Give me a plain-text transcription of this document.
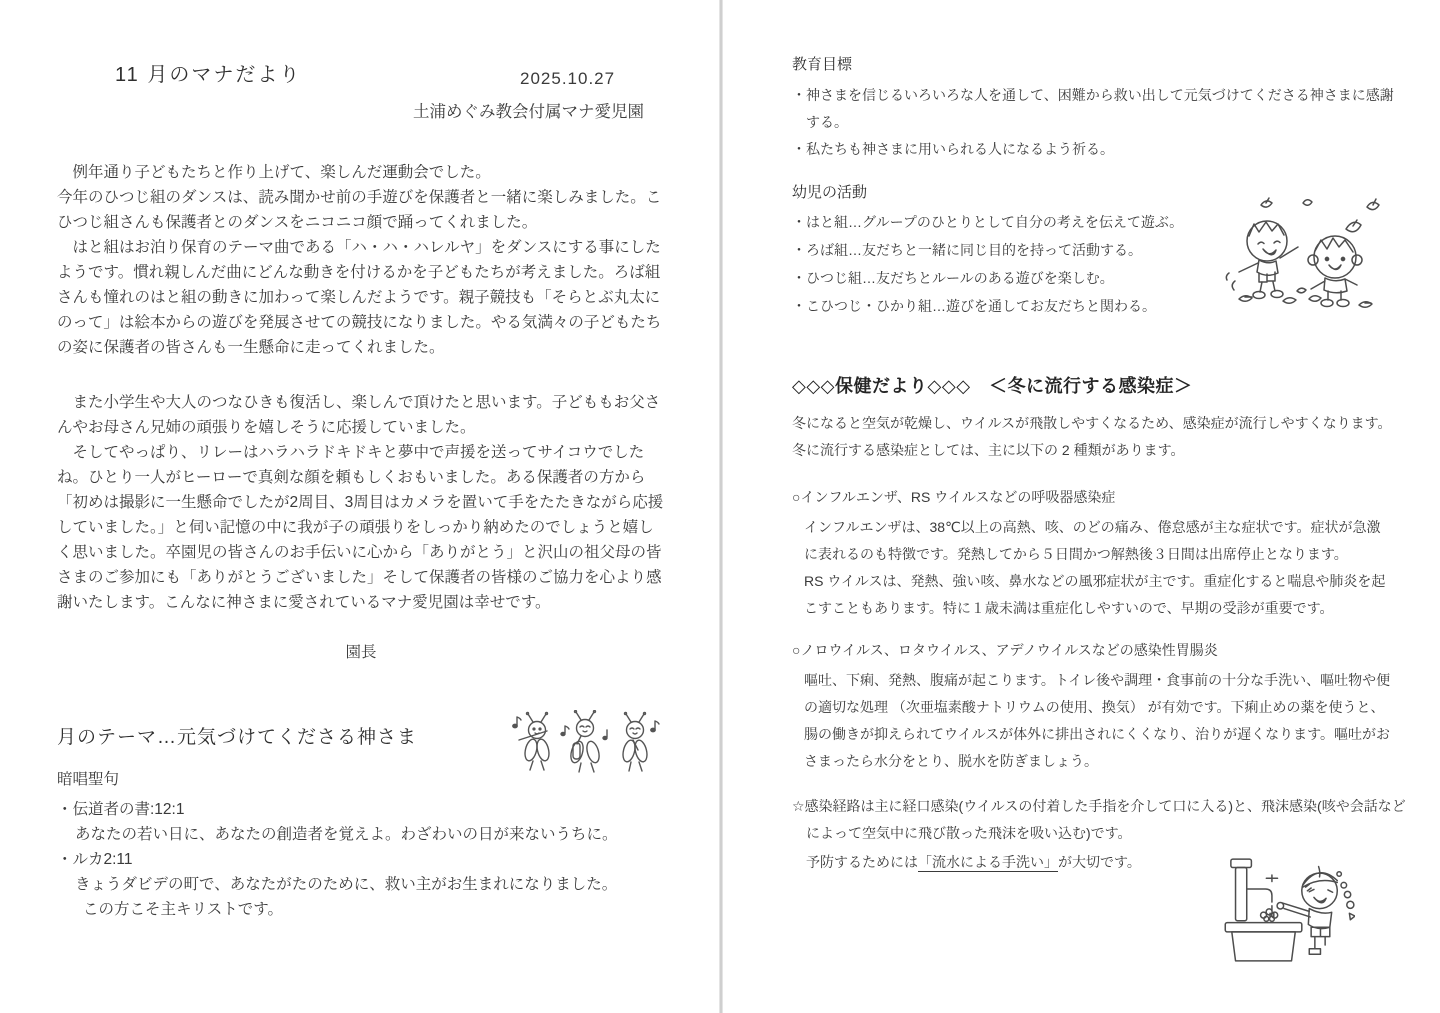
11 月のマナだより	2025.10.27
土浦めぐみ教会付属マナ愛児園

　例年通り子どもたちと作り上げて、楽しんだ運動会でした。

今年のひつじ組のダンスは、読み聞かせ前の手遊びを保護者と一緒に楽しみました。こひつじ組さんも保護者とのダンスをニコニコ顔で踊ってくれました。

　はと組はお泊り保育のテーマ曲である「ハ・ハ・ハレルヤ」をダンスにする事にしたようです。慣れ親しんだ曲にどんな動きを付けるかを子どもたちが考えました。ろば組さんも憧れのはと組の動きに加わって楽しんだようです。親子競技も「そらとぶ丸太にのって」は絵本からの遊びを発展させての競技になりました。やる気満々の子どもたちの姿に保護者の皆さんも一生懸命に走ってくれました。

　また小学生や大人のつなひきも復活し、楽しんで頂けたと思います。子どももお父さんやお母さん兄姉の頑張りを嬉しそうに応援していました。

　そしてやっぱり、リレーはハラハラドキドキと夢中で声援を送ってサイコウでしたね。ひとり一人がヒーローで真剣な顔を頼もしくおもいました。ある保護者の方から「初めは撮影に一生懸命でしたが2周目、3周目はカメラを置いて手をたたきながら応援していました。」と伺い記憶の中に我が子の頑張りをしっかり納めたのでしょうと嬉しく思いました。卒園児の皆さんのお手伝いに心から「ありがとう」と沢山の祖父母の皆さまのご参加にも「ありがとうございました」そして保護者の皆様のご協力を心より感謝いたします。こんなに神さまに愛されているマナ愛児園は幸せです。

園長
月のテーマ…元気づけてくださる神さま
暗唱聖句

・伝道者の書:12:1

あなたの若い日に、あなたの創造者を覚えよ。わざわいの日が来ないうちに。

・ルカ2:11

きょうダビデの町で、あなたがたのために、救い主がお生まれになりました。

この方こそ主キリストです。

教育目標

・神さまを信じるいろいろな人を通して、困難から救い出して元気づけてくださる神さまに感謝する。

・私たちも神さまに用いられる人になるよう祈る。

幼児の活動

・はと組…グループのひとりとして自分の考えを伝えて遊ぶ。

・ろば組…友だちと一緒に同じ目的を持って活動する。

・ひつじ組…友だちとルールのある遊びを楽しむ。

・こひつじ・ひかり組…遊びを通してお友だちと関わる。

◇◇◇保健だより◇◇◇　＜冬に流行する感染症＞

冬になると空気が乾燥し、ウイルスが飛散しやすくなるため、感染症が流行しやすくなります。冬に流行する感染症としては、主に以下の 2 種類があります。

○インフルエンザ、RS ウイルスなどの呼吸器感染症

インフルエンザは、38℃以上の高熱、咳、のどの痛み、倦怠感が主な症状です。症状が急激に表れるのも特徴です。発熱してから５日間かつ解熱後３日間は出席停止となります。

RS ウイルスは、発熱、強い咳、鼻水などの風邪症状が主です。重症化すると喘息や肺炎を起こすこともあります。特に１歳未満は重症化しやすいので、早期の受診が重要です。

○ノロウイルス、ロタウイルス、アデノウイルスなどの感染性胃腸炎

嘔吐、下痢、発熱、腹痛が起こります。トイレ後や調理・食事前の十分な手洗い、嘔吐物や便の適切な処理 （次亜塩素酸ナトリウムの使用、換気） が有効です。下痢止めの薬を使うと、腸の働きが抑えられてウイルスが体外に排出されにくくなり、治りが遅くなります。嘔吐がおさまったら水分をとり、脱水を防ぎましょう。

☆感染経路は主に経口感染(ウイルスの付着した手指を介して口に入る)と、飛沫感染(咳や会話などによって空気中に飛び散った飛沫を吸い込む)です。

予防するためには「流水による手洗い」が大切です。
